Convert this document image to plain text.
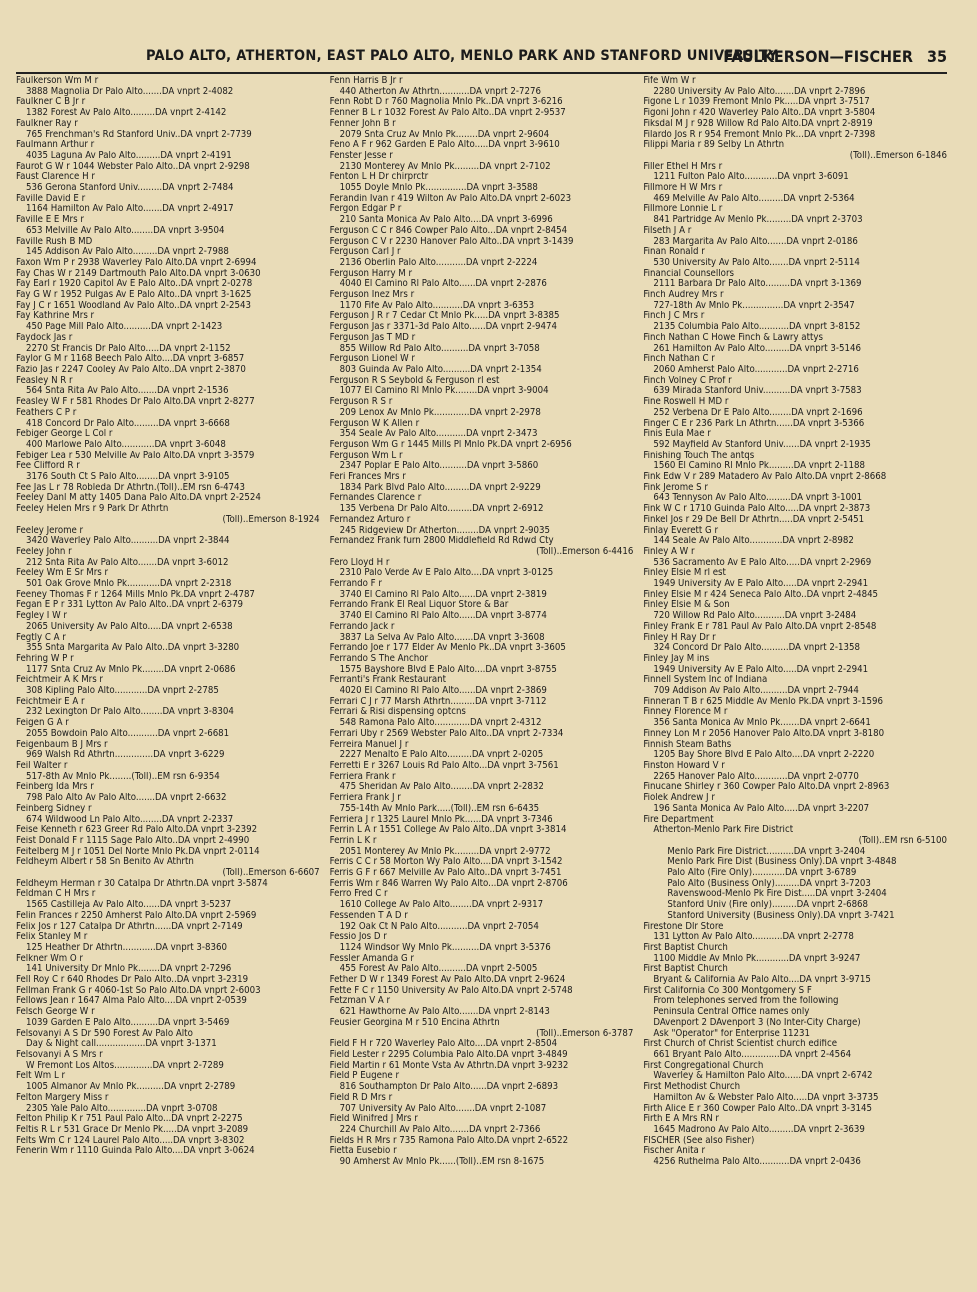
PALO ALTO, ATHERTON, EAST PALO ALTO, MENLO PARK AND STANFORD UNIVERSITY
FAULKERSON—FISCHER 35
Faulkerson Wm M r
3888 Magnolia Dr Palo Alto.......DA vnprt 2-4082
Faulkner C B Jr r
1382 Forest Av Palo Alto.........DA vnprt 2-4142
Faulkner Ray r
765 Frenchman's Rd Stanford Univ..DA vnprt 2-7739
Faulmann Arthur r
4035 Laguna Av Palo Alto.........DA vnprt 2-4191
Faurot G W r 1044 Webster Palo Alto..DA vnprt 2-9298
Faust Clarence H r
536 Gerona Stanford Univ.........DA vnprt 2-7484
Faville David E r
1164 Hamilton Av Palo Alto.......DA vnprt 2-4917
Faville E E Mrs r
653 Melville Av Palo Alto........DA vnprt 3-9504
Faville Rush B MD
145 Addison Av Palo Alto.........DA vnprt 2-7988
Faxon Wm P r 2938 Waverley Palo Alto.DA vnprt 2-6994
Fay Chas W r 2149 Dartmouth Palo Alto.DA vnprt 3-0630
Fay Earl r 1920 Capitol Av E Palo Alto..DA vnprt 2-0278
Fay G W r 1952 Pulgas Av E Palo Alto..DA vnprt 3-1625
Fay J C r 1651 Woodland Av Palo Alto..DA vnprt 2-2543
Fay Kathrine Mrs r
450 Page Mill Palo Alto..........DA vnprt 2-1423
Faydock Jas r
2270 St Francis Dr Palo Alto.....DA vnprt 2-1152
Faylor G M r 1168 Beech Palo Alto....DA vnprt 3-6857
Fazio Jas r 2247 Cooley Av Palo Alto..DA vnprt 2-3870
Feasley N R r
564 Snta Rita Av Palo Alto.......DA vnprt 2-1536
Feasley W F r 581 Rhodes Dr Palo Alto.DA vnprt 2-8277
Feathers C P r
418 Concord Dr Palo Alto.........DA vnprt 3-6668
Febiger George L Col r
400 Marlowe Palo Alto............DA vnprt 3-6048
Febiger Lea r 530 Melville Av Palo Alto.DA vnprt 3-3579
Fee Clifford R r
3176 South Ct S Palo Alto........DA vnprt 3-9105
Fee Jas L r 78 Robleda Dr Athrtn.(Toll)..EM rsn 6-4743
Feeley Danl M atty 1405 Dana Palo Alto.DA vnprt 2-2524
Feeley Helen Mrs r 9 Park Dr Athrtn
(Toll)..Emerson 8-1924
Feeley Jerome r
3420 Waverley Palo Alto..........DA vnprt 2-3844
Feeley John r
212 Snta Rita Av Palo Alto.......DA vnprt 3-6012
Feeley Wm E Sr Mrs r
501 Oak Grove Mnlo Pk............DA vnprt 2-2318
Feeney Thomas F r 1264 Mills Mnlo Pk.DA vnprt 2-4787
Fegan E P r 331 Lytton Av Palo Alto..DA vnprt 2-6379
Fegley I W r
2065 University Av Palo Alto.....DA vnprt 2-6538
Fegtly C A r
355 Snta Margarita Av Palo Alto..DA vnprt 3-3280
Fehring W P r
1177 Snta Cruz Av Mnlo Pk........DA vnprt 2-0686
Feichtmeir A K Mrs r
308 Kipling Palo Alto............DA vnprt 2-2785
Feichtmeir E A r
232 Lexington Dr Palo Alto........DA vnprt 3-8304
Feigen G A r
2055 Bowdoin Palo Alto...........DA vnprt 2-6681
Feigenbaum B J Mrs r
969 Walsh Rd Athrtn..............DA vnprt 3-6229
Feil Walter r
517-8th Av Mnlo Pk........(Toll)..EM rsn 6-9354
Feinberg Ida Mrs r
798 Palo Alto Av Palo Alto.......DA vnprt 2-6632
Feinberg Sidney r
674 Wildwood Ln Palo Alto........DA vnprt 2-2337
Feise Kenneth r 623 Greer Rd Palo Alto.DA vnprt 3-2392
Feist Donald F r 1115 Sage Palo Alto..DA vnprt 2-4990
Feitelberg M J r 1051 Del Norte Mnlo Pk.DA vnprt 2-0114
Feldheym Albert r 58 Sn Benito Av Athrtn
(Toll)..Emerson 6-6607
Feldheym Herman r 30 Catalpa Dr Athrtn.DA vnprt 3-5874
Feldman C H Mrs r
1565 Castilleja Av Palo Alto......DA vnprt 3-5237
Felin Frances r 2250 Amherst Palo Alto.DA vnprt 2-5969
Felix Jos r 127 Catalpa Dr Athrtn......DA vnprt 2-7149
Felix Stanley M r
125 Heather Dr Athrtn............DA vnprt 3-8360
Felkner Wm O r
141 University Dr Mnlo Pk........DA vnprt 2-7296
Fell Roy C r 640 Rhodes Dr Palo Alto..DA vnprt 3-2319
Fellman Frank G r 4060-1st So Palo Alto.DA vnprt 2-6003
Fellows Jean r 1647 Alma Palo Alto....DA vnprt 2-0539
Felsch George W r
1039 Garden E Palo Alto..........DA vnprt 3-5469
Felsovanyi A S Dr 590 Forest Av Palo Alto
Day & Night call..................DA vnprt 3-1371
Felsovanyi A S Mrs r
W Fremont Los Altos..............DA vnprt 2-7289
Felt Wm L r
1005 Almanor Av Mnlo Pk..........DA vnprt 2-2789
Felton Margery Miss r
2305 Yale Palo Alto..............DA vnprt 3-0708
Felton Philip K r 751 Paul Palo Alto...DA vnprt 2-2275
Feltis R L r 531 Grace Dr Menlo Pk.....DA vnprt 3-2089
Felts Wm C r 124 Laurel Palo Alto.....DA vnprt 3-8302
Fenerin Wm r 1110 Guinda Palo Alto....DA vnprt 3-0624
Fenn Harris B Jr r
440 Atherton Av Athrtn...........DA vnprt 2-7276
Fenn Robt D r 760 Magnolia Mnlo Pk..DA vnprt 3-6216
Fenner B L r 1032 Forest Av Palo Alto..DA vnprt 2-9537
Fenner John B r
2079 Snta Cruz Av Mnlo Pk........DA vnprt 2-9604
Feno A F r 962 Garden E Palo Alto.....DA vnprt 3-9610
Fenster Jesse r
2130 Monterey Av Mnlo Pk.........DA vnprt 2-7102
Fenton L H Dr chirprctr
1055 Doyle Mnlo Pk...............DA vnprt 3-3588
Ferandin Ivan r 419 Wilton Av Palo Alto.DA vnprt 2-6023
Fergon Edgar P r
210 Santa Monica Av Palo Alto....DA vnprt 3-6996
Ferguson C C r 846 Cowper Palo Alto...DA vnprt 2-8454
Ferguson C V r 2230 Hanover Palo Alto..DA vnprt 3-1439
Ferguson Carl J r
2136 Oberlin Palo Alto...........DA vnprt 2-2224
Ferguson Harry M r
4040 El Camino Rl Palo Alto......DA vnprt 2-2876
Ferguson Inez Mrs r
1170 Fife Av Palo Alto...........DA vnprt 3-6353
Ferguson J R r 7 Cedar Ct Mnlo Pk.....DA vnprt 3-8385
Ferguson Jas r 3371-3d Palo Alto......DA vnprt 2-9474
Ferguson Jas T MD r
855 Willow Rd Palo Alto..........DA vnprt 3-7058
Ferguson Lionel W r
803 Guinda Av Palo Alto..........DA vnprt 2-1354
Ferguson R S Seybold & Ferguson rl est
1077 El Camino Rl Mnlo Pk........DA vnprt 3-9004
Ferguson R S r
209 Lenox Av Mnlo Pk.............DA vnprt 2-2978
Ferguson W K Allen r
354 Seale Av Palo Alto...........DA vnprt 2-3473
Ferguson Wm G r 1445 Mills Pl Mnlo Pk.DA vnprt 2-6956
Ferguson Wm L r
2347 Poplar E Palo Alto..........DA vnprt 3-5860
Feri Frances Mrs r
1834 Park Blvd Palo Alto.........DA vnprt 2-9229
Fernandes Clarence r
135 Verbena Dr Palo Alto.........DA vnprt 2-6912
Fernandez Arturo r
245 Ridgeview Dr Atherton........DA vnprt 2-9035
Fernandez Frank furn 2800 Middlefield Rd Rdwd Cty
(Toll)..Emerson 6-4416
Fero Lloyd H r
2310 Palo Verde Av E Palo Alto....DA vnprt 3-0125
Ferrando F r
3740 El Camino Rl Palo Alto......DA vnprt 2-3819
Ferrando Frank El Real Liquor Store & Bar
3740 El Camino Rl Palo Alto......DA vnprt 3-8774
Ferrando Jack r
3837 La Selva Av Palo Alto.......DA vnprt 3-3608
Ferrando Joe r 177 Elder Av Menlo Pk..DA vnprt 3-3605
Ferrando S The Anchor
1575 Bayshore Blvd E Palo Alto....DA vnprt 3-8755
Ferranti's Frank Restaurant
4020 El Camino Rl Palo Alto......DA vnprt 2-3869
Ferrari C J r 77 Marsh Athrtn.........DA vnprt 3-7112
Ferrari & Risi dispensing optcns
548 Ramona Palo Alto.............DA vnprt 2-4312
Ferrari Uby r 2569 Webster Palo Alto..DA vnprt 2-7334
Ferreira Manuel J r
2227 Menalto E Palo Alto.........DA vnprt 2-0205
Ferretti E r 3267 Louis Rd Palo Alto...DA vnprt 3-7561
Ferriera Frank r
475 Sheridan Av Palo Alto........DA vnprt 2-2832
Ferriera Frank J r
755-14th Av Mnlo Park.....(Toll)..EM rsn 6-6435
Ferriera J r 1325 Laurel Mnlo Pk......DA vnprt 3-7346
Ferrin L A r 1551 College Av Palo Alto..DA vnprt 3-3814
Ferrin L K r
2051 Monterey Av Mnlo Pk.........DA vnprt 2-9772
Ferris C C r 58 Morton Wy Palo Alto....DA vnprt 3-1542
Ferris G F r 667 Melville Av Palo Alto..DA vnprt 3-7451
Ferris Wm r 846 Warren Wy Palo Alto...DA vnprt 2-8706
Ferro Fred C r
1610 College Av Palo Alto........DA vnprt 2-9317
Fessenden T A D r
192 Oak Ct N Palo Alto...........DA vnprt 2-7054
Fessio Jos D r
1124 Windsor Wy Mnlo Pk..........DA vnprt 3-5376
Fessler Amanda G r
455 Forest Av Palo Alto..........DA vnprt 2-5005
Fether D W r 1349 Forest Av Palo Alto.DA vnprt 2-9624
Fette F C r 1150 University Av Palo Alto.DA vnprt 2-5748
Fetzman V A r
621 Hawthorne Av Palo Alto.......DA vnprt 2-8143
Feusier Georgina M r 510 Encina Athrtn
(Toll)..Emerson 6-3787
Field F H r 720 Waverley Palo Alto....DA vnprt 2-8504
Field Lester r 2295 Columbia Palo Alto.DA vnprt 3-4849
Field Martin r 61 Monte Vsta Av Athrtn.DA vnprt 3-9232
Field P Eugene r
816 Southampton Dr Palo Alto......DA vnprt 2-6893
Field R D Mrs r
707 University Av Palo Alto.......DA vnprt 2-1087
Field Winifred J Mrs r
224 Churchill Av Palo Alto.......DA vnprt 2-7366
Fields H R Mrs r 735 Ramona Palo Alto.DA vnprt 2-6522
Fietta Eusebio r
90 Amherst Av Mnlo Pk......(Toll)..EM rsn 8-1675
Fife Wm W r
2280 University Av Palo Alto.......DA vnprt 2-7896
Figone L r 1039 Fremont Mnlo Pk.....DA vnprt 3-7517
Figoni John r 420 Waverley Palo Alto..DA vnprt 3-5804
Fiksdal M J r 928 Willow Rd Palo Alto.DA vnprt 2-8919
Filardo Jos R r 954 Fremont Mnlo Pk...DA vnprt 2-7398
Filippi Maria r 89 Selby Ln Athrtn
(Toll)..Emerson 6-1846
Filler Ethel H Mrs r
1211 Fulton Palo Alto............DA vnprt 3-6091
Fillmore H W Mrs r
469 Melville Av Palo Alto.........DA vnprt 2-5364
Fillmore Lonnie L r
841 Partridge Av Menlo Pk.........DA vnprt 2-3703
Filseth J A r
283 Margarita Av Palo Alto.......DA vnprt 2-0186
Finan Ronald r
530 University Av Palo Alto.......DA vnprt 2-5114
Financial Counsellors
2111 Barbara Dr Palo Alto.........DA vnprt 3-1369
Finch Audrey Mrs r
727-18th Av Mnlo Pk...............DA vnprt 2-3547
Finch J C Mrs r
2135 Columbia Palo Alto...........DA vnprt 3-8152
Finch Nathan C Howe Finch & Lawry attys
261 Hamilton Av Palo Alto.........DA vnprt 3-5146
Finch Nathan C r
2060 Amherst Palo Alto............DA vnprt 2-2716
Finch Volney C Prof r
639 Mirada Stanford Univ..........DA vnprt 3-7583
Fine Roswell H MD r
252 Verbena Dr E Palo Alto........DA vnprt 2-1696
Finger C E r 236 Park Ln Athrtn......DA vnprt 3-5366
Finis Eula Mae r
592 Mayfield Av Stanford Univ......DA vnprt 2-1935
Finishing Touch The antqs
1560 El Camino Rl Mnlo Pk.........DA vnprt 2-1188
Fink Edw V r 289 Matadero Av Palo Alto.DA vnprt 2-8668
Fink Jerome S r
643 Tennyson Av Palo Alto.........DA vnprt 3-1001
Fink W C r 1710 Guinda Palo Alto.....DA vnprt 2-3873
Finkel Jos r 29 De Bell Dr Athrtn.....DA vnprt 2-5451
Finlay Everett G r
144 Seale Av Palo Alto............DA vnprt 2-8982
Finley A W r
536 Sacramento Av E Palo Alto.....DA vnprt 2-2969
Finley Elsie M rl est
1949 University Av E Palo Alto.....DA vnprt 2-2941
Finley Elsie M r 424 Seneca Palo Alto..DA vnprt 2-4845
Finley Elsie M & Son
720 Willow Rd Palo Alto...........DA vnprt 3-2484
Finley Frank E r 781 Paul Av Palo Alto.DA vnprt 2-8548
Finley H Ray Dr r
324 Concord Dr Palo Alto..........DA vnprt 2-1358
Finley Jay M ins
1949 University Av E Palo Alto.....DA vnprt 2-2941
Finnell System Inc of Indiana
709 Addison Av Palo Alto..........DA vnprt 2-7944
Finneran T B r 625 Middle Av Menlo Pk.DA vnprt 3-1596
Finney Florence M r
356 Santa Monica Av Mnlo Pk.......DA vnprt 2-6641
Finney Lon M r 2056 Hanover Palo Alto.DA vnprt 3-8180
Finnish Steam Baths
1205 Bay Shore Blvd E Palo Alto....DA vnprt 2-2220
Finston Howard V r
2265 Hanover Palo Alto............DA vnprt 2-0770
Finucane Shirley r 360 Cowper Palo Alto.DA vnprt 2-8963
Fiolek Andrew J r
196 Santa Monica Av Palo Alto.....DA vnprt 3-2207
Fire Department
Atherton-Menlo Park Fire District
(Toll)..EM rsn 6-5100
Menlo Park Fire District..........DA vnprt 3-2404
Menlo Park Fire Dist (Business Only).DA vnprt 3-4848
Palo Alto (Fire Only)............DA vnprt 3-6789
Palo Alto (Business Only).........DA vnprt 3-7203
Ravenswood-Menlo Pk Fire Dist.....DA vnprt 3-2404
Stanford Univ (Fire only).........DA vnprt 2-6868
Stanford University (Business Only).DA vnprt 3-7421
Firestone Dlr Store
131 Lytton Av Palo Alto...........DA vnprt 2-2778
First Baptist Church
1100 Middle Av Mnlo Pk............DA vnprt 3-9247
First Baptist Church
Bryant & California Av Palo Alto....DA vnprt 3-9715
First California Co 300 Montgomery S F
From telephones served from the following
Peninsula Central Office names only
DAvenport 2 DAvenport 3 (No Inter-City Charge)
Ask "Operator" for Enterprise 11231
First Church of Christ Scientist church edifice
661 Bryant Palo Alto..............DA vnprt 2-4564
First Congregational Church
Waverley & Hamilton Palo Alto......DA vnprt 2-6742
First Methodist Church
Hamilton Av & Webster Palo Alto.....DA vnprt 3-3735
Firth Alice E r 360 Cowper Palo Alto..DA vnprt 3-3145
Firth E A Mrs RN r
1645 Madrono Av Palo Alto.........DA vnprt 2-3639
FISCHER (See also Fisher)
Fischer Anita r
4256 Ruthelma Palo Alto...........DA vnprt 2-0436
